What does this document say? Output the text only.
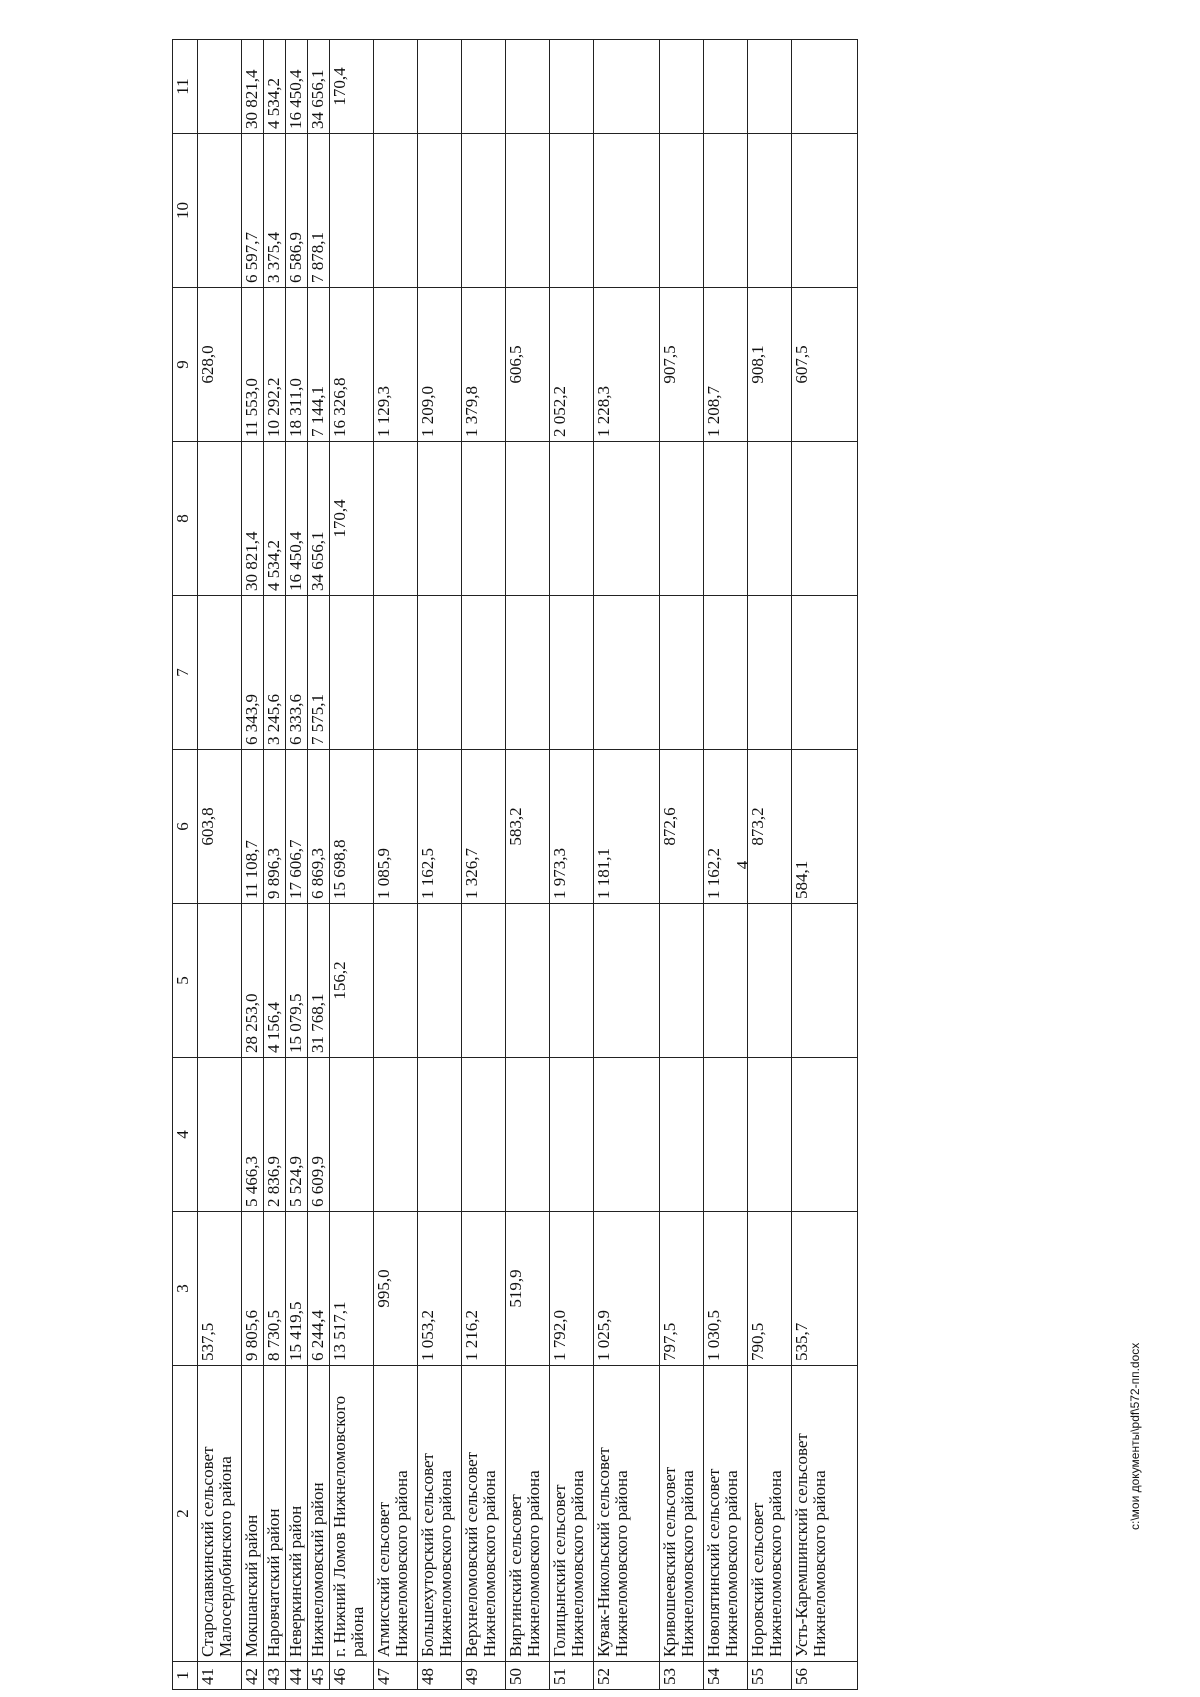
4
1	2	3	4	5	6	7	8	9	10	11
41	Старославкинский сельсовет Малосердобинского района	537,5			603,8			628,0		
42	Мокшанский район	9 805,6	5 466,3	28 253,0	11 108,7	6 343,9	30 821,4	11 553,0	6 597,7	30 821,4
43	Наровчатский район	8 730,5	2 836,9	4 156,4	9 896,3	3 245,6	4 534,2	10 292,2	3 375,4	4 534,2
44	Неверкинский район	15 419,5	5 524,9	15 079,5	17 606,7	6 333,6	16 450,4	18 311,0	6 586,9	16 450,4
45	Нижнеломовский район	6 244,4	6 609,9	31 768,1	6 869,3	7 575,1	34 656,1	7 144,1	7 878,1	34 656,1
46	г. Нижний Ломов Нижнеломовского района	13 517,1		156,2	15 698,8		170,4	16 326,8		170,4
47	Атмисский сельсовет Нижнеломовского района	995,0			1 085,9			1 129,3		
48	Большехуторский сельсовет Нижнеломовского района	1 053,2			1 162,5			1 209,0		
49	Верхнеломовский сельсовет Нижнеломовского района	1 216,2			1 326,7			1 379,8		
50	Виргинский сельсовет Нижнеломовского района	519,9			583,2			606,5		
51	Голицынский сельсовет Нижнеломовского района	1 792,0			1 973,3			2 052,2		
52	Кувак-Никольский сельсовет Нижнеломовского района	1 025,9			1 181,1			1 228,3		
53	Кривошеевский сельсовет Нижнеломовского района	797,5			872,6			907,5		
54	Новопятинский сельсовет Нижнеломовского района	1 030,5			1 162,2			1 208,7		
55	Норовский сельсовет Нижнеломовского района	790,5			873,2			908,1		
56	Усть-Каремшинский сельсовет Нижнеломовского района	535,7			584,1			607,5		
c:\мои документы\pdf\572-пп.docx
